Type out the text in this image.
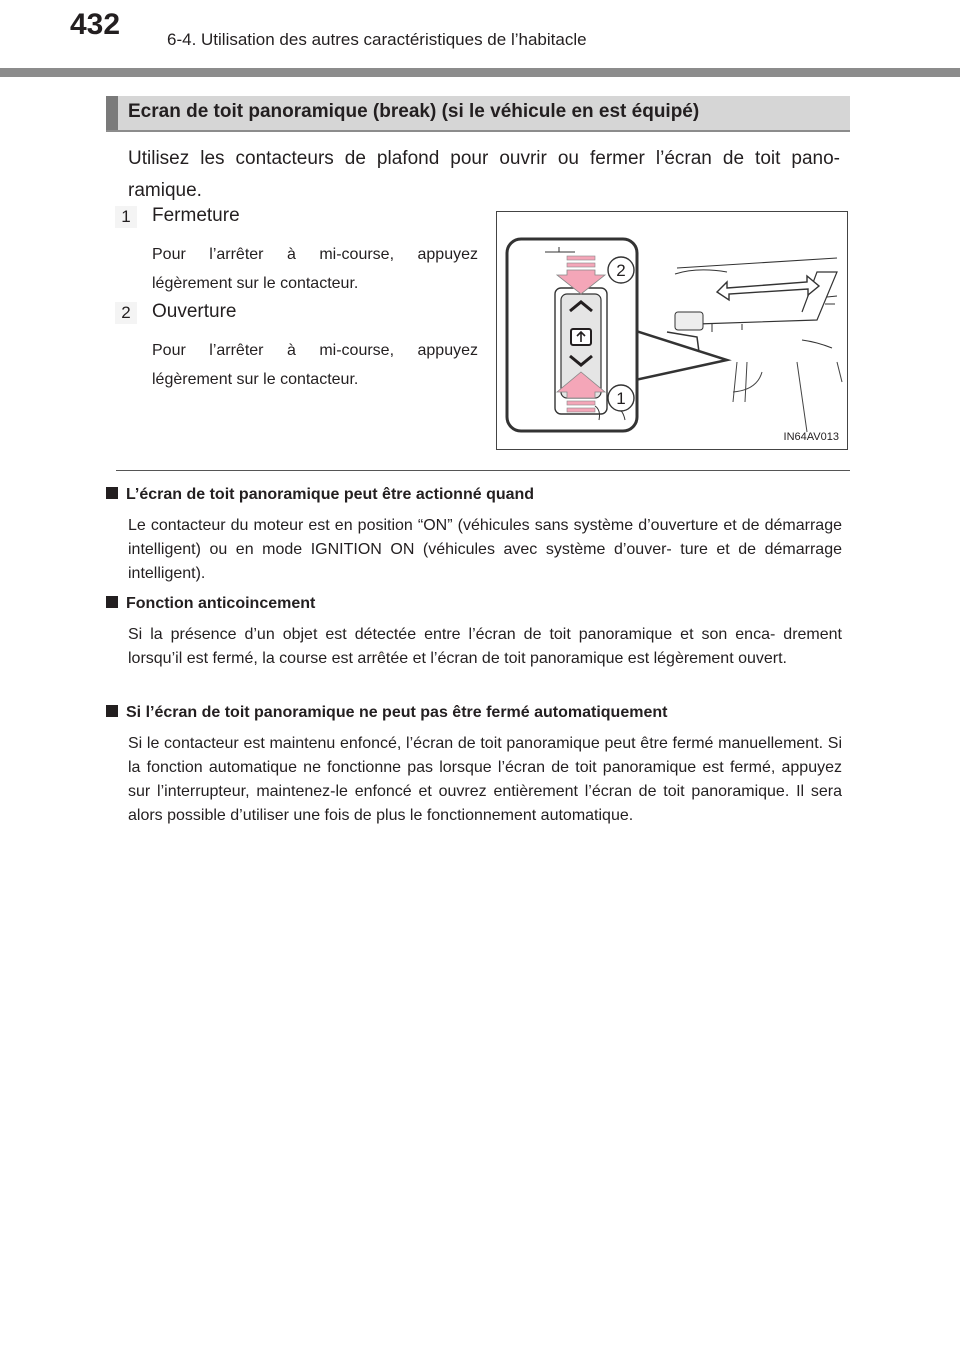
432	6-4. Utilisation des autres caractéristiques de l’habitacle
Ecran de toit panoramique (break) (si le véhicule en est équipé)
Utilisez les contacteurs de plafond pour ouvrir ou fermer l’écran de toit pano- ramique.
1	Fermeture
Pour l’arrêter à mi-course, appuyez légèrement sur le contacteur.
2	Ouverture
Pour l’arrêter à mi-course, appuyez légèrement sur le contacteur.
2
1
IN64AV013
L’écran de toit panoramique peut être actionné quand
Le contacteur du moteur est en position “ON” (véhicules sans système d’ouverture et de démarrage intelligent) ou en mode IGNITION ON (véhicules avec système d’ouver- ture et de démarrage intelligent).
Fonction anticoincement
Si la présence d’un objet est détectée entre l’écran de toit panoramique et son enca- drement lorsqu’il est fermé, la course est arrêtée et l’écran de toit panoramique est légèrement ouvert.
Si l’écran de toit panoramique ne peut pas être fermé automatiquement
Si le contacteur est maintenu enfoncé, l’écran de toit panoramique peut être fermé manuellement. Si la fonction automatique ne fonctionne pas lorsque l’écran de toit panoramique est fermé, appuyez sur l’interrupteur, maintenez-le enfoncé et ouvrez entièrement l’écran de toit panoramique. Il sera alors possible d’utiliser une fois de plus le fonctionnement automatique.
